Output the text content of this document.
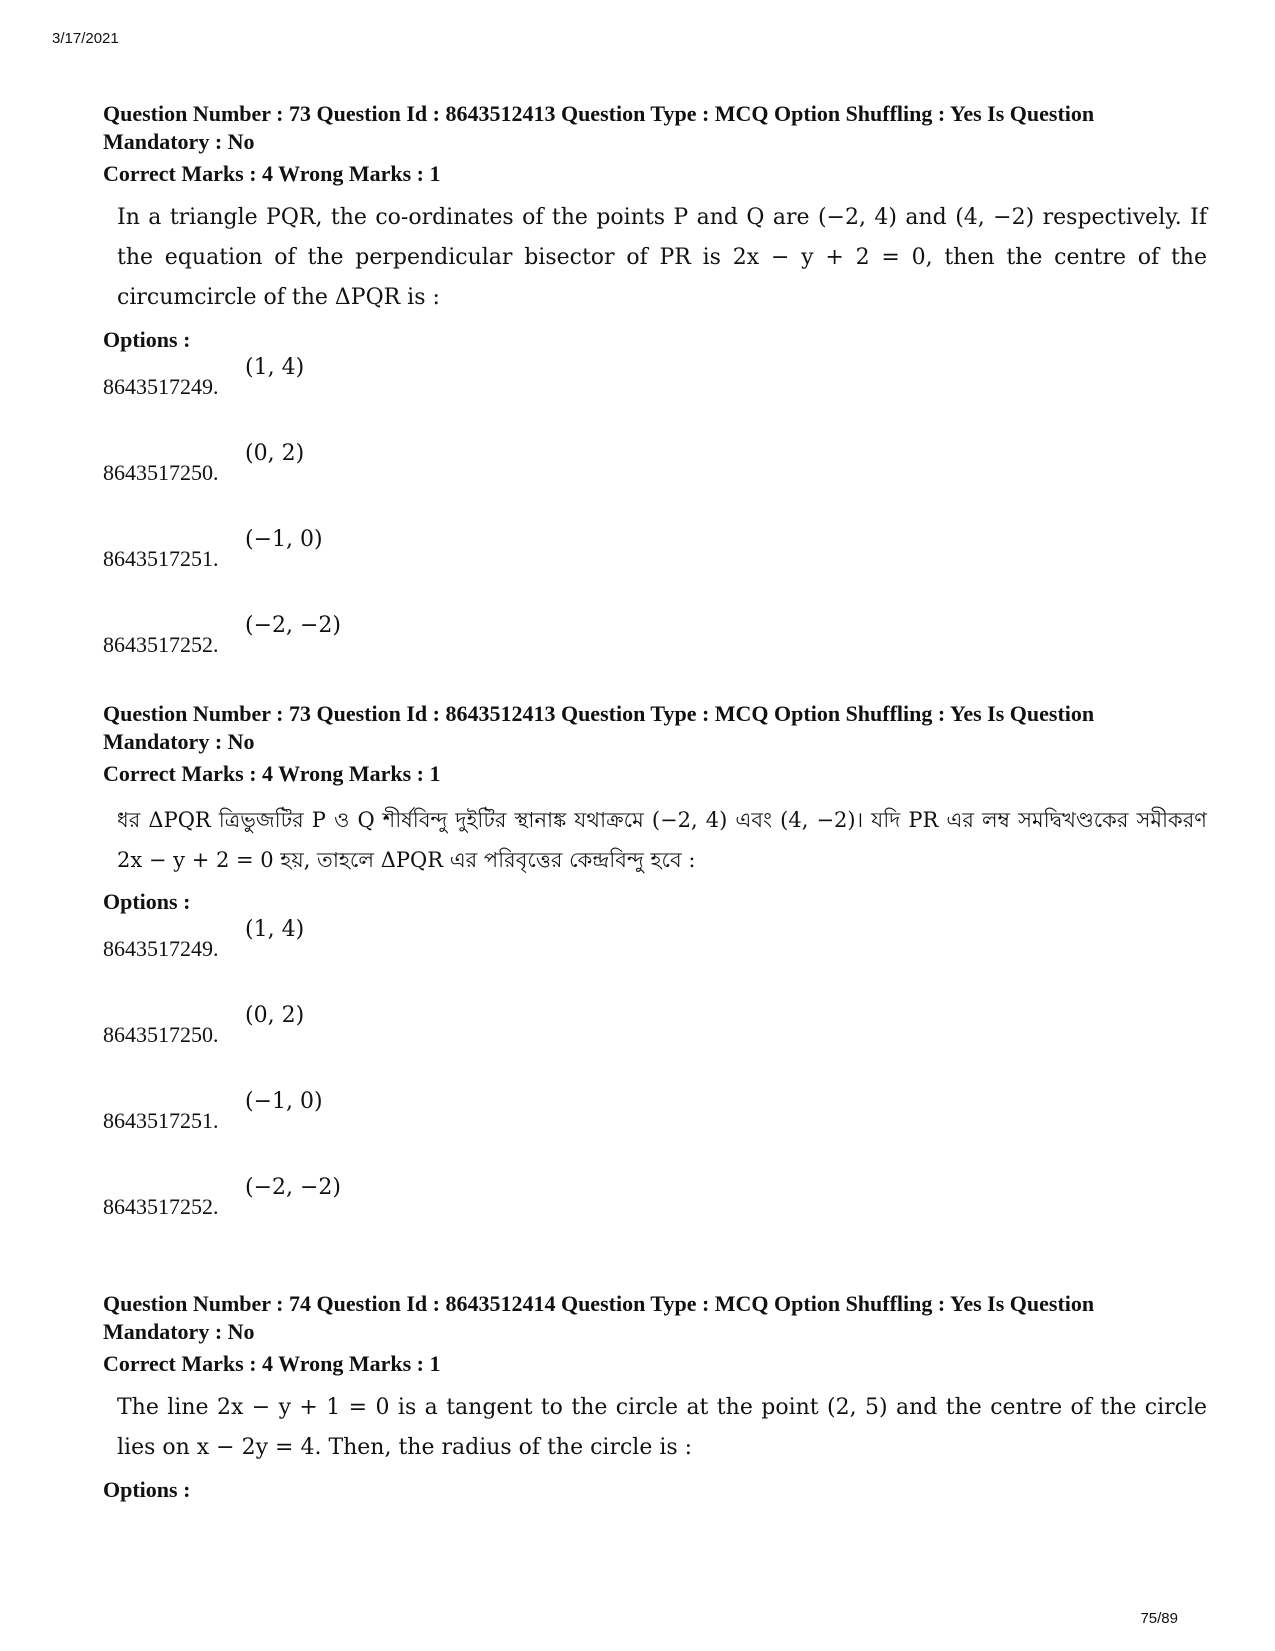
3/17/2021

Question Number : 73 Question Id : 8643512413 Question Type : MCQ Option Shuffling : Yes Is Question Mandatory : No

Correct Marks : 4 Wrong Marks : 1

In a triangle PQR, the co-ordinates of the points P and Q are (−2, 4) and (4, −2) respectively. If the equation of the perpendicular bisector of PR is 2x − y + 2 = 0, then the centre of the circumcircle of the ΔPQR is :

Options :
8643517249.
(1, 4)
8643517250.
(0, 2)
8643517251.
(−1, 0)
8643517252.
(−2, −2)

Question Number : 73 Question Id : 8643512413 Question Type : MCQ Option Shuffling : Yes Is Question Mandatory : No

Correct Marks : 4 Wrong Marks : 1

ধর ΔPQR ত্রিভুজটির P ও Q শীর্ষবিন্দু দুইটির স্থানাঙ্ক যথাক্রমে (−2, 4) এবং (4, −2)। যদি PR এর লম্ব সমদ্বিখণ্ডকের সমীকরণ 2x − y + 2 = 0 হয়, তাহলে ΔPQR এর পরিবৃত্তের কেন্দ্রবিন্দু হবে :

Options :
8643517249.
(1, 4)
8643517250.
(0, 2)
8643517251.
(−1, 0)
8643517252.
(−2, −2)

Question Number : 74 Question Id : 8643512414 Question Type : MCQ Option Shuffling : Yes Is Question Mandatory : No

Correct Marks : 4 Wrong Marks : 1

The line 2x − y + 1 = 0 is a tangent to the circle at the point (2, 5) and the centre of the circle lies on x − 2y = 4. Then, the radius of the circle is :

Options :
75/89
